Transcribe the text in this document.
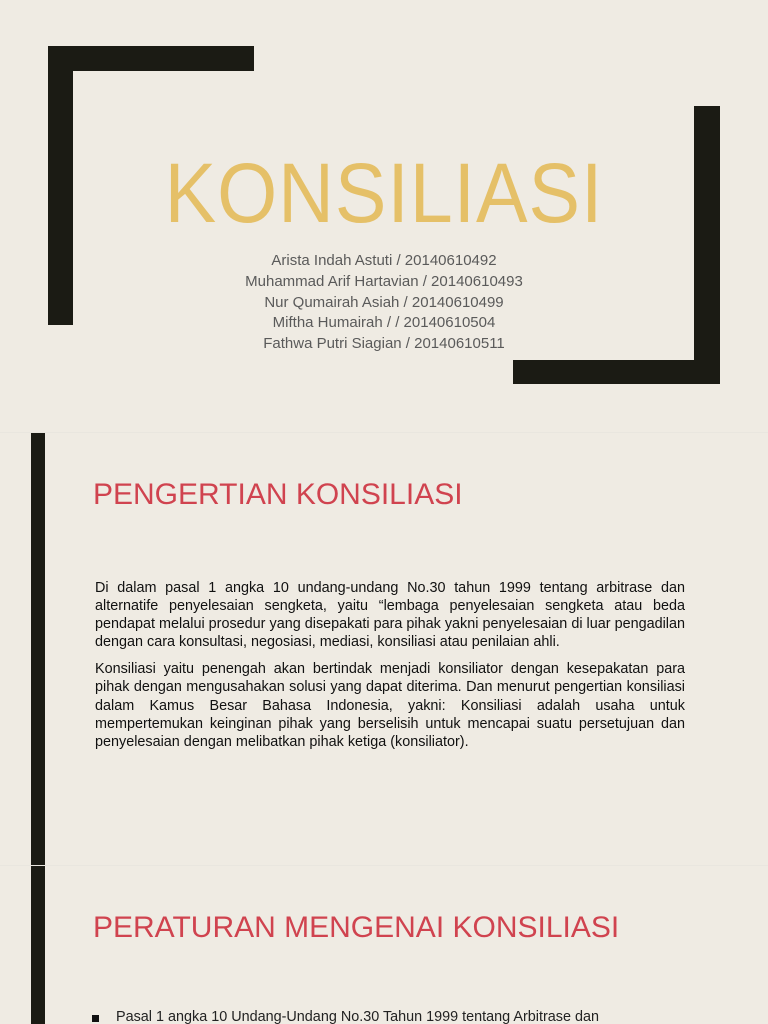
KONSILIASI
Arista Indah Astuti / 20140610492
Muhammad Arif Hartavian / 20140610493
Nur Qumairah Asiah / 20140610499
Miftha Humairah / / 20140610504
Fathwa Putri Siagian / 20140610511
PENGERTIAN KONSILIASI

Di dalam pasal 1 angka 10 undang-undang No.30 tahun 1999 tentang arbitrase dan alternatife penyelesaian sengketa, yaitu “lembaga penyelesaian sengketa atau beda pendapat melalui prosedur yang disepakati para pihak yakni penyelesaian di luar pengadilan dengan cara konsultasi, negosiasi, mediasi, konsiliasi atau penilaian ahli.

Konsiliasi yaitu penengah akan bertindak menjadi konsiliator dengan kesepakatan para pihak dengan mengusahakan solusi yang dapat diterima. Dan menurut pengertian konsiliasi dalam Kamus Besar Bahasa Indonesia, yakni: Konsiliasi adalah usaha untuk mempertemukan keinginan pihak yang berselisih untuk mencapai suatu persetujuan dan penyelesaian dengan melibatkan pihak ketiga (konsiliator).

PERATURAN MENGENAI KONSILIASI
Pasal 1 angka 10 Undang-Undang No.30 Tahun 1999 tentang Arbitrase dan
